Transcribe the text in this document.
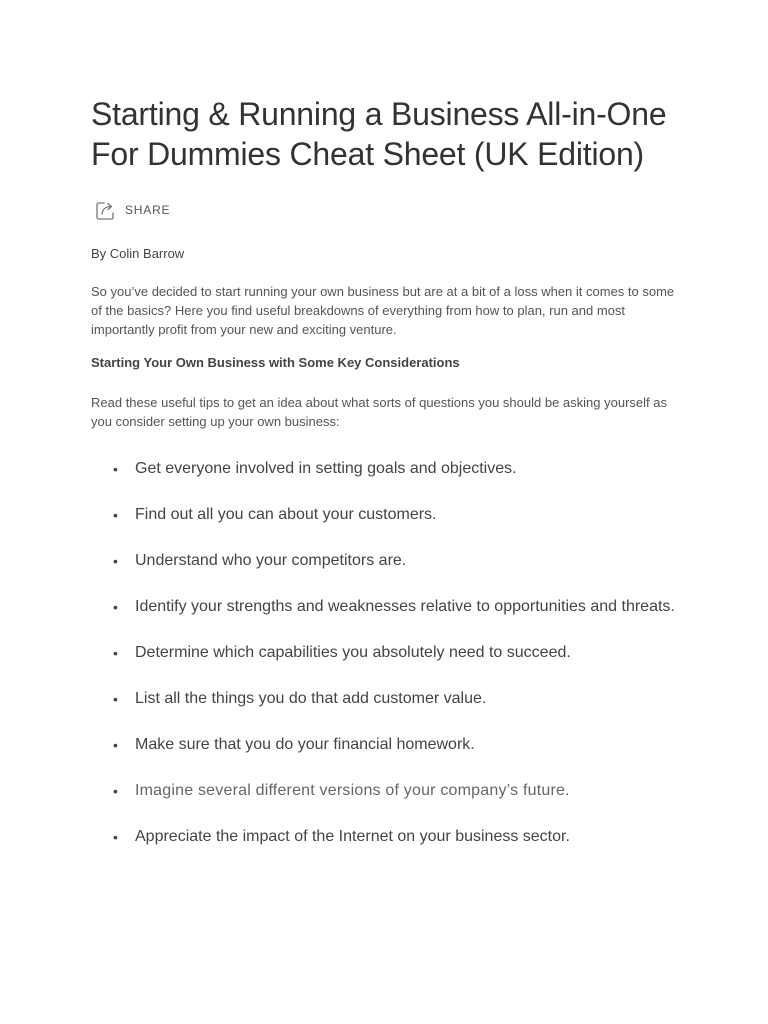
Starting & Running a Business All-in-One For Dummies Cheat Sheet (UK Edition)
SHARE
By Colin Barrow

So you’ve decided to start running your own business but are at a bit of a loss when it comes to some of the basics? Here you find useful breakdowns of everything from how to plan, run and most importantly profit from your new and exciting venture.

Starting Your Own Business with Some Key Considerations

Read these useful tips to get an idea about what sorts of questions you should be asking yourself as you consider setting up your own business:

• Get everyone involved in setting goals and objectives.
• Find out all you can about your customers.
• Understand who your competitors are.
• Identify your strengths and weaknesses relative to opportunities and threats.
• Determine which capabilities you absolutely need to succeed.
• List all the things you do that add customer value.
• Make sure that you do your financial homework.
• Imagine several different versions of your company’s future.
• Appreciate the impact of the Internet on your business sector.
